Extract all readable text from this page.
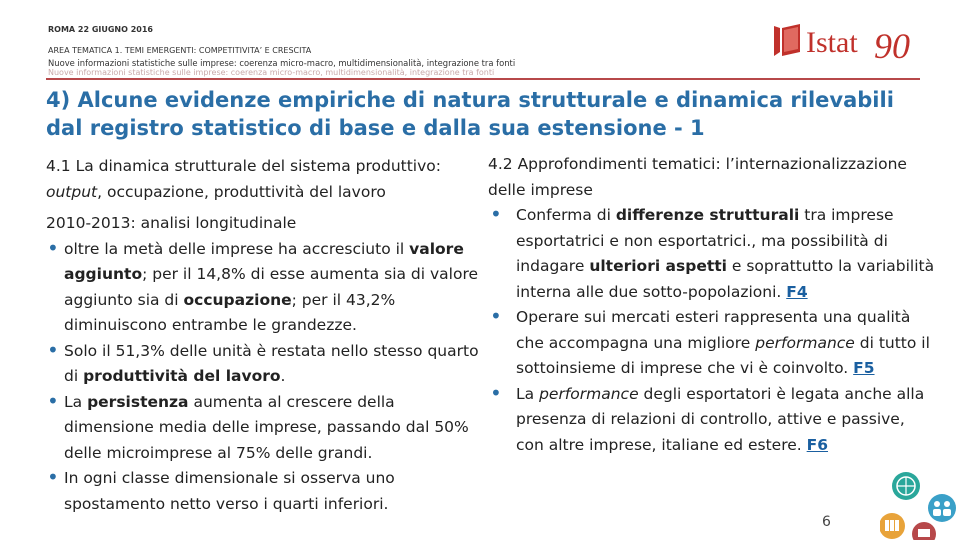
ROMA 22 GIUGNO 2016
AREA TEMATICA 1. TEMI EMERGENTI: COMPETITIVITA’ E CRESCITA
Nuove informazioni statistiche sulle imprese: coerenza micro-macro, multidimensionalità, integrazione tra fonti
Nuove informazioni statistiche sulle imprese: coerenza micro-macro, multidimensionalità, integrazione tra fonti
Istat 90
4) Alcune evidenze empiriche di natura strutturale e dinamica rilevabili dal registro statistico di base e dalla sua estensione - 1
4.1 La dinamica strutturale del sistema produttivo: output, occupazione, produttività del lavoro
2010-2013: analisi longitudinale
• oltre la metà delle imprese ha accresciuto il valore aggiunto; per il 14,8% di esse aumenta sia di valore aggiunto sia di occupazione; per il 43,2% diminuiscono entrambe le grandezze.
• Solo il 51,3% delle unità è restata nello stesso quarto di produttività del lavoro.
• La persistenza aumenta al crescere della dimensione media delle imprese, passando dal 50% delle microimprese al 75% delle grandi.
• In ogni classe dimensionale si osserva uno spostamento netto verso i quarti inferiori.
4.2 Approfondimenti tematici: l’internazionalizzazione delle imprese
• Conferma di differenze strutturali tra imprese esportatrici e non esportatrici., ma possibilità di indagare ulteriori aspetti e soprattutto la variabilità interna alle due sotto-popolazioni. F4
• Operare sui mercati esteri rappresenta una qualità che accompagna una migliore performance di tutto il sottoinsieme di imprese che vi è coinvolto. F5
• La performance degli esportatori è legata anche alla presenza di relazioni di controllo, attive e passive, con altre imprese, italiane ed estere. F6
6
